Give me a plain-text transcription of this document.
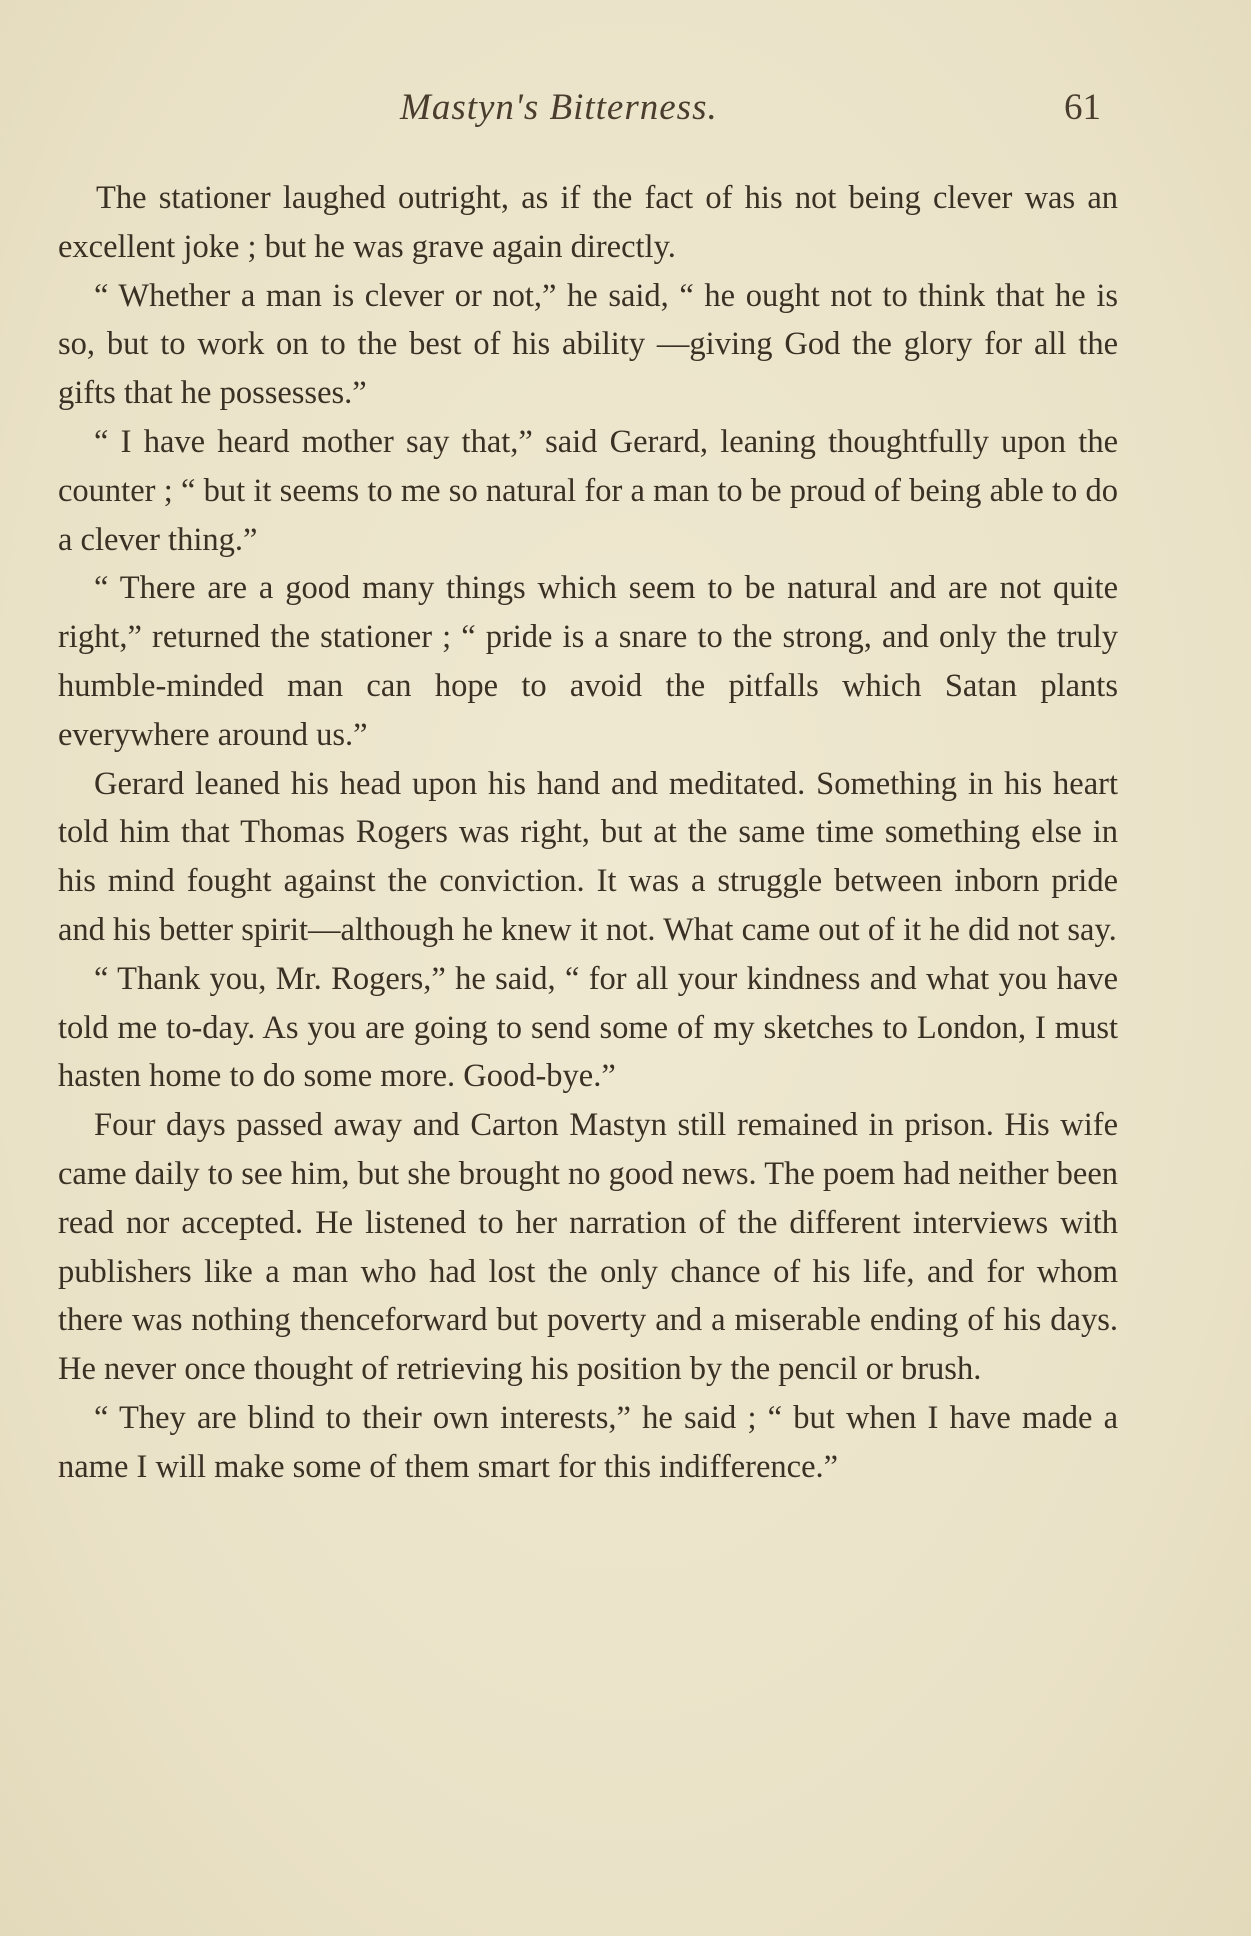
Mastyn's Bitterness.	61

The stationer laughed outright, as if the fact of his not being clever was an excellent joke ; but he was grave again directly.

“ Whether a man is clever or not,” he said, “ he ought not to think that he is so, but to work on to the best of his ability —giving God the glory for all the gifts that he possesses.”

“ I have heard mother say that,” said Gerard, leaning thoughtfully upon the counter ; “ but it seems to me so natural for a man to be proud of being able to do a clever thing.”

“ There are a good many things which seem to be natural and are not quite right,” returned the stationer ; “ pride is a snare to the strong, and only the truly humble-minded man can hope to avoid the pitfalls which Satan plants everywhere around us.”

Gerard leaned his head upon his hand and meditated. Something in his heart told him that Thomas Rogers was right, but at the same time something else in his mind fought against the conviction. It was a struggle between inborn pride and his better spirit—although he knew it not. What came out of it he did not say.

“ Thank you, Mr. Rogers,” he said, “ for all your kindness and what you have told me to-day. As you are going to send some of my sketches to London, I must hasten home to do some more. Good-bye.”

Four days passed away and Carton Mastyn still remained in prison. His wife came daily to see him, but she brought no good news. The poem had neither been read nor accepted. He listened to her narration of the different interviews with publishers like a man who had lost the only chance of his life, and for whom there was nothing thenceforward but poverty and a miserable ending of his days. He never once thought of retrieving his position by the pencil or brush.

“ They are blind to their own interests,” he said ; “ but when I have made a name I will make some of them smart for this indifference.”
